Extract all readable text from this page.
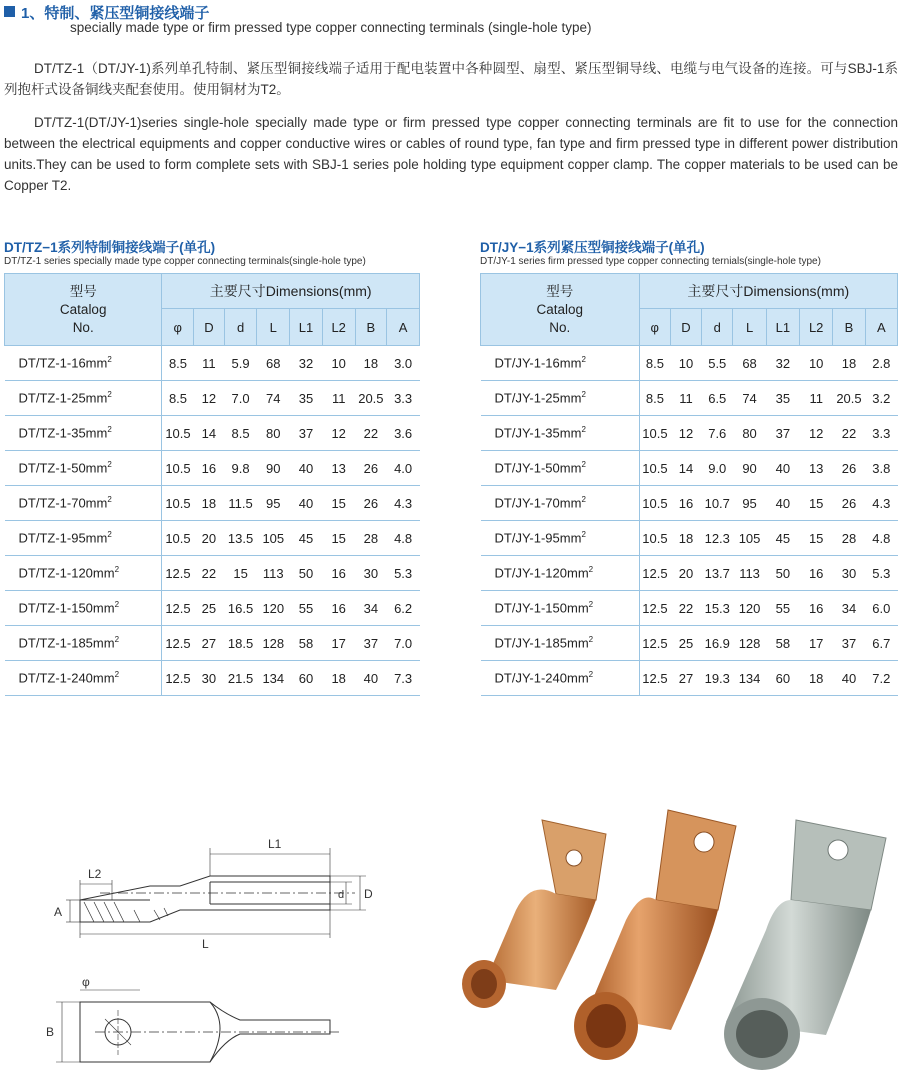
1、特制、紧压型铜接线端子
specially made type or firm pressed type copper connecting terminals (single-hole type)
DT/TZ-1（DT/JY-1)系列单孔特制、紧压型铜接线端子适用于配电装置中各种圆型、扇型、紧压型铜导线、电缆与电气设备的连接。可与SBJ-1系列抱杆式设备铜线夹配套使用。使用铜材为T2。
DT/TZ-1(DT/JY-1)series single-hole specially made type or firm pressed type copper connecting terminals are fit to use for the connection between the electrical equipments and copper conductive wires or cables of round type, fan type and firm pressed type in different power distribution units.They can be used to form complete sets with SBJ-1 series pole holding type equipment copper clamp. The copper materials to be used can be Copper T2.
DT/TZ−1系列特制铜接线端子(单孔)
DT/TZ-1 series specially made type copper connecting terminals(single-hole type)
DT/JY−1系列紧压型铜接线端子(单孔)
DT/JY-1 series firm pressed type copper connecting ternials(single-hole type)
型号
Catalog
No.	主要尺寸Dimensions(mm)							
	φ	D	d	L	L1	L2	B	A
$DT/TZ-1-16mm^2$	8.5	11	5.9	68	32	10	18	3.0
$DT/TZ-1-25mm^2$	8.5	12	7.0	74	35	11	20.5	3.3
$DT/TZ-1-35mm^2$	10.5	14	8.5	80	37	12	22	3.6
$DT/TZ-1-50mm^2$	10.5	16	9.8	90	40	13	26	4.0
$DT/TZ-1-70mm^2$	10.5	18	11.5	95	40	15	26	4.3
$DT/TZ-1-95mm^2$	10.5	20	13.5	105	45	15	28	4.8
$DT/TZ-1-120mm^2$	12.5	22	15	113	50	16	30	5.3
$DT/TZ-1-150mm^2$	12.5	25	16.5	120	55	16	34	6.2
$DT/TZ-1-185mm^2$	12.5	27	18.5	128	58	17	37	7.0
$DT/TZ-1-240mm^2$	12.5	30	21.5	134	60	18	40	7.3
型号
Catalog
No.	主要尺寸Dimensions(mm)							
	φ	D	d	L	L1	L2	B	A
$DT/JY-1-16mm^2$	8.5	10	5.5	68	32	10	18	2.8
$DT/JY-1-25mm^2$	8.5	11	6.5	74	35	11	20.5	3.2
$DT/JY-1-35mm^2$	10.5	12	7.6	80	37	12	22	3.3
$DT/JY-1-50mm^2$	10.5	14	9.0	90	40	13	26	3.8
$DT/JY-1-70mm^2$	10.5	16	10.7	95	40	15	26	4.3
$DT/JY-1-95mm^2$	10.5	18	12.3	105	45	15	28	4.8
$DT/JY-1-120mm^2$	12.5	20	13.7	113	50	16	30	5.3
$DT/JY-1-150mm^2$	12.5	22	15.3	120	55	16	34	6.0
$DT/JY-1-185mm^2$	12.5	25	16.9	128	58	17	37	6.7
$DT/JY-1-240mm^2$	12.5	27	19.3	134	60	18	40	7.2
L1
L2
L
A
d D
φ
B
